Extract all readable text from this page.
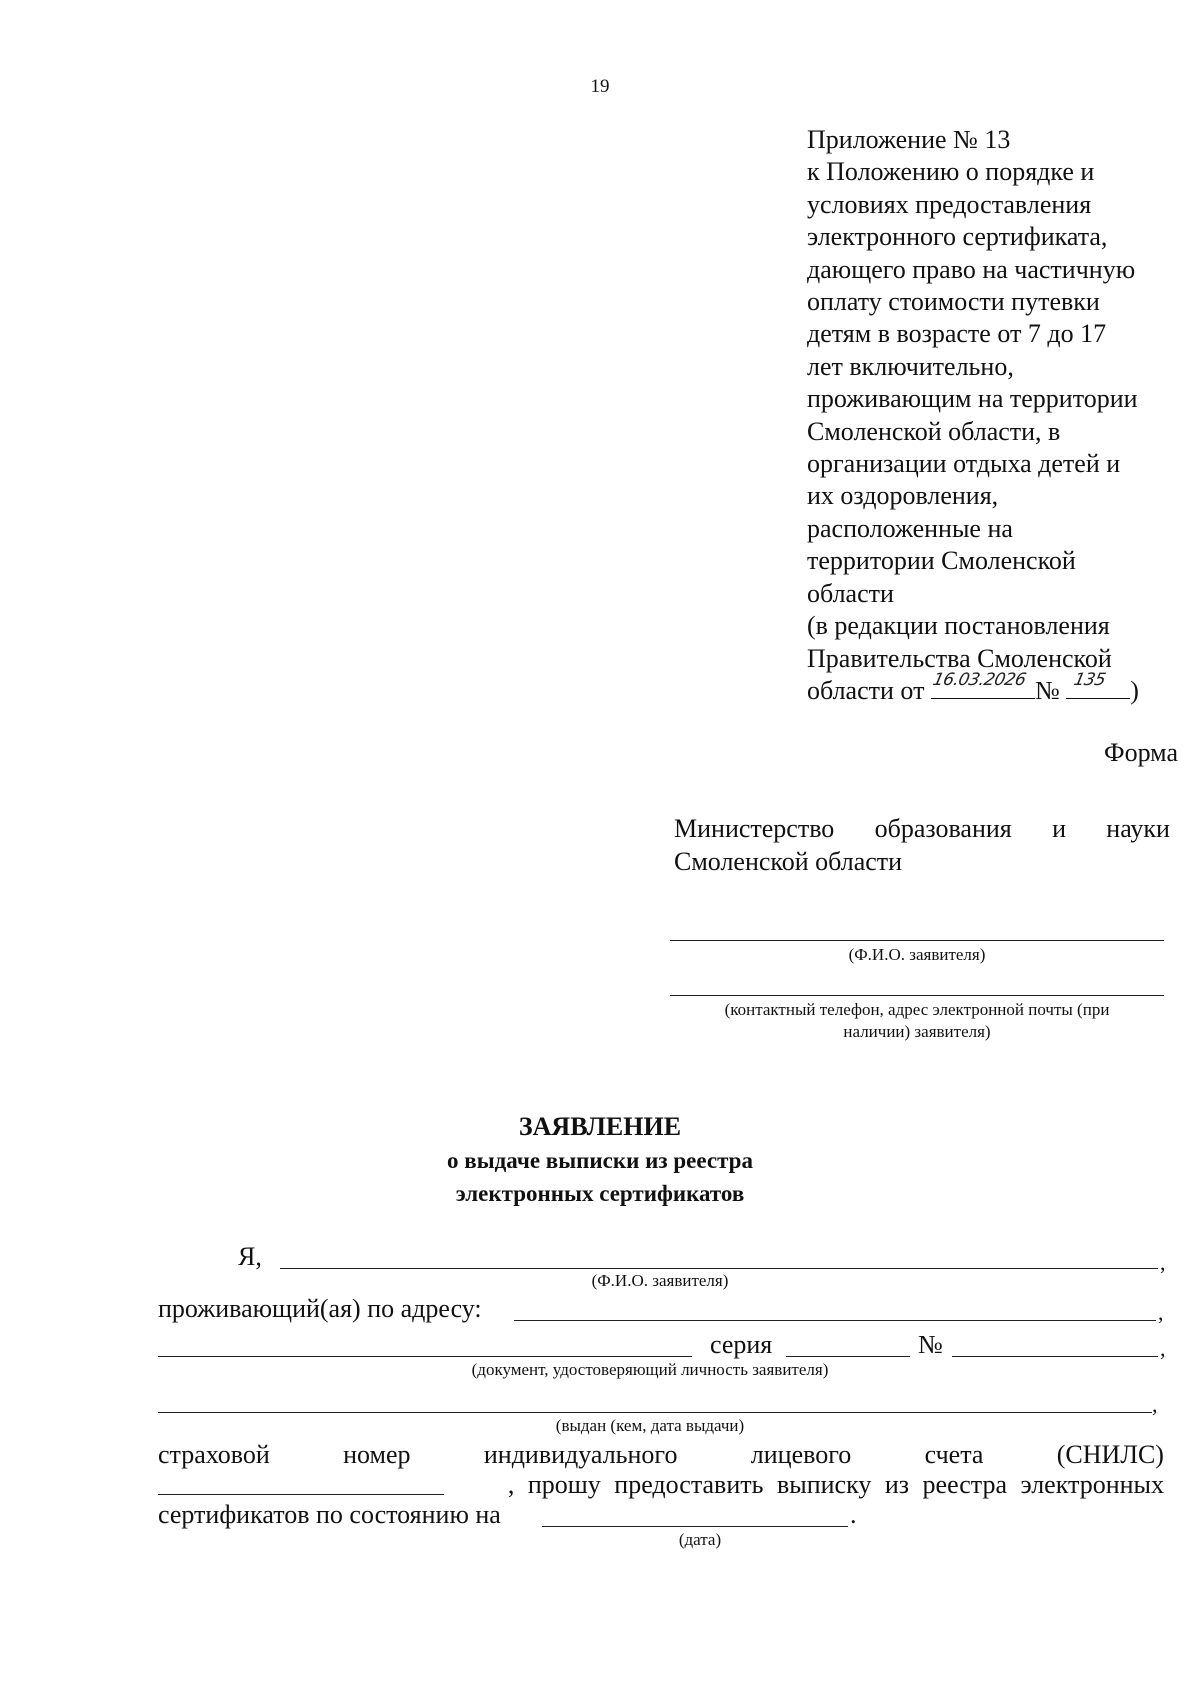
19
Приложение № 13
к Положению о порядке и
условиях предоставления
электронного сертификата,
дающего право на частичную
оплату стоимости путевки
детям в возрасте от 7 до 17
лет включительно,
проживающим на территории
Смоленской области, в
организации отдыха детей и
их оздоровления,
расположенные на
территории Смоленской
области
(в редакции постановления
Правительства Смоленской
области от 16.03.2026 № 135 )
Форма
Министерство образования и науки
Смоленской области
(Ф.И.О. заявителя)
(контактный телефон, адрес электронной почты (при
наличии) заявителя)
ЗАЯВЛЕНИЕ
о выдаче выписки из реестра
электронных сертификатов
Я,	,
(Ф.И.О. заявителя)
проживающий(ая) по адресу:	,
серия	№	,
(документ, удостоверяющий личность заявителя)
,
(выдан (кем, дата выдачи)
страховой	номер	индивидуального	лицевого	счета	(СНИЛС)
, прошу предоставить выписку из реестра электронных
сертификатов по состоянию на	.
(дата)
